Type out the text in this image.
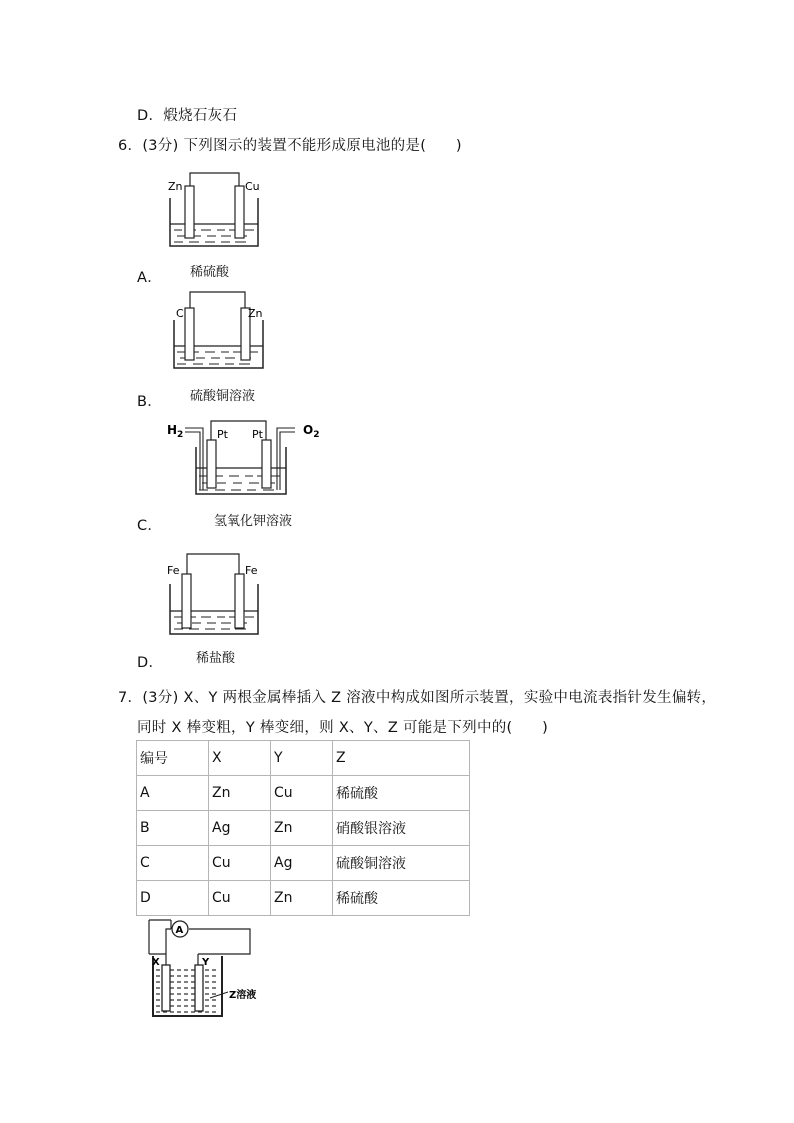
D．煅烧石灰石
6．(3分) 下列图示的装置不能形成原电池的是(　　)
Zn	Cu
稀硫酸
A．
C	Zn
硫酸铜溶液
B．
Pt Pt
$H_2$	$O_2$
氢氧化钾溶液
C．
Fe	Fe
稀盐酸
D．
7．(3分) X、Y 两根金属棒插入 Z 溶液中构成如图所示装置，实验中电流表指针发生偏转，
同时 X 棒变粗，Y 棒变细，则 X、Y、Z 可能是下列中的(　　)
编号	X	Y	Z
A	Zn	Cu	稀硫酸
B	Ag	Zn	硝酸银溶液
C	Cu	Ag	硫酸铜溶液
D	Cu	Zn	稀硫酸
A
X	Y
Z溶液
